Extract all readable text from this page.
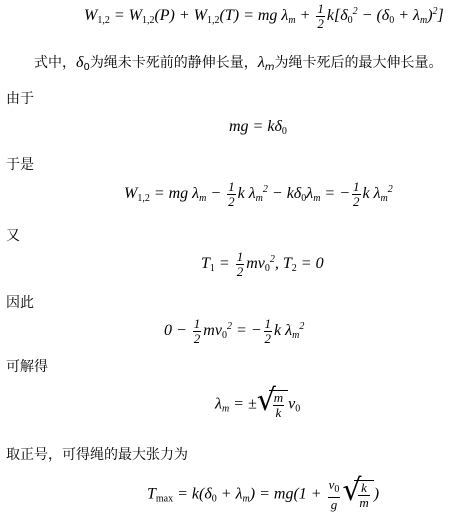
$W_{1,2} = W_{1,2}(P) + W_{1,2}(T)$ = mg $\lambda_m + \frac{1}{2} k[\delta_0^2 - (\delta_0 + \lambda_m)^2]$
式中，$\delta_0$为绳未卡死前的静伸长量，$\lambda_m$为绳卡死后的最大伸长量。
由于
mg = $k\delta_0$
于是
$W_{1,2}$ = mg $\lambda_m - \frac{1}{2}$ k $\lambda_m^2 - k\delta_0\lambda_m$ = − $\frac{1}{2}$ k $\lambda_m^2$
又
$T_1 = \frac{1}{2} mv_0^2$, $T_2 = 0$
因此
$0 - \frac{1}{2} mv_0^2$ = − $\frac{1}{2}$ k $\lambda_m^2$
可解得
$\lambda_m$ = ± √
$\frac{m}{k} v_0$
取正号，可得绳的最大张力为
$T_{max} = k(\delta_0 + \lambda_m) = mg(1 + \frac{v_0}{g}$ √
$\frac{k}{m}$ )
